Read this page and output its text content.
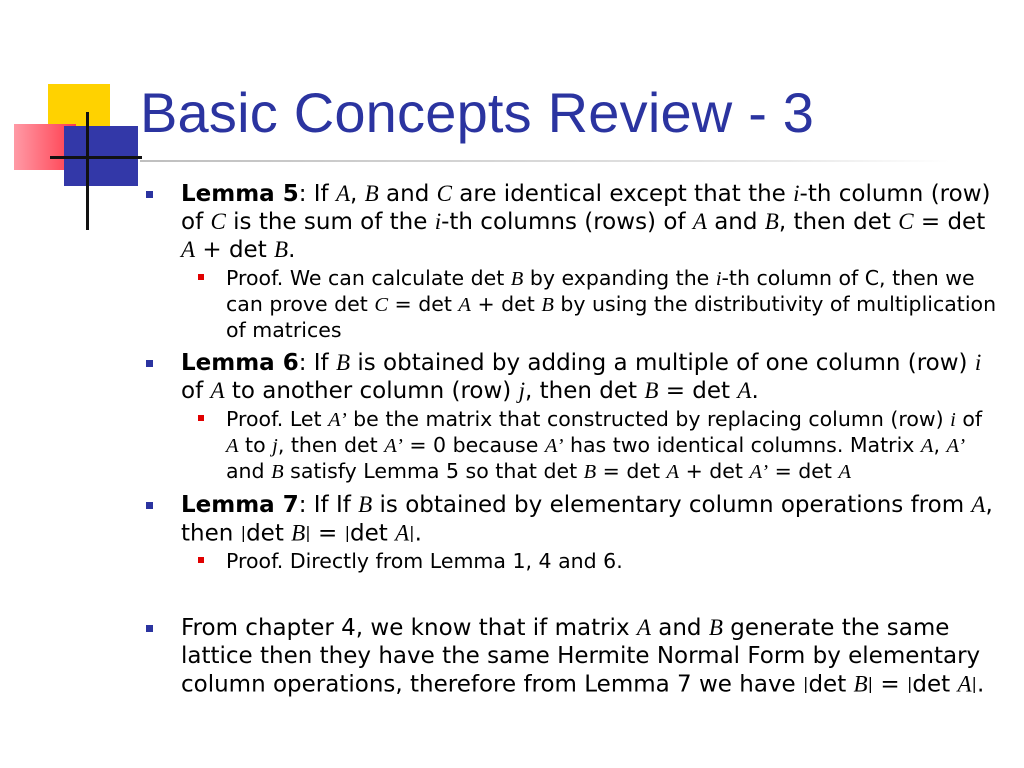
Basic Concepts Review - 3
Lemma 5: If A, B and C are identical except that the i-th column (row) of C is the sum of the i-th columns (rows) of A and B, then det C = det A + det B.
Proof. We can calculate det B by expanding the i-th column of C, then we can prove det C = det A + det B by using the distributivity of multiplication of matrices
Lemma 6: If B is obtained by adding a multiple of one column (row) i of A to another column (row) j, then det B = det A.
Proof. Let A’ be the matrix that constructed by replacing column (row) i of A to j, then det A’ = 0 because A’ has two identical columns. Matrix A, A’ and B satisfy Lemma 5 so that det B = det A + det A’ = det A
Lemma 7: If If B is obtained by elementary column operations from A, then |det B| = |det A|.
Proof. Directly from Lemma 1, 4 and 6.
From chapter 4, we know that if matrix A and B generate the same lattice then they have the same Hermite Normal Form by elementary column operations, therefore from Lemma 7 we have |det B| = |det A|.
